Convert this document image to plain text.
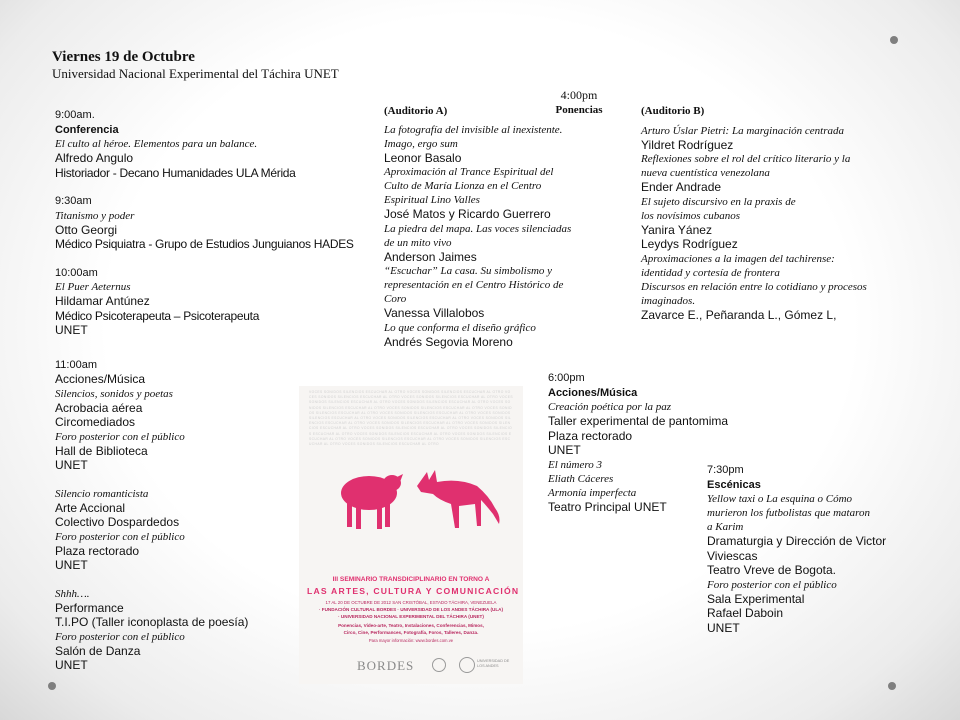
Viernes 19 de Octubre
Universidad Nacional Experimental del Táchira UNET
9:00am.
Conferencia
El culto al héroe. Elementos para un balance.
Alfredo Angulo
Historiador - Decano Humanidades ULA Mérida
9:30am
Titanismo y poder
Otto Georgi
Médico Psiquiatra - Grupo de Estudios Junguianos HADES
10:00am
El Puer Aeternus
Hildamar Antúnez
Médico Psicoterapeuta – Psicoterapeuta
UNET
11:00am
Acciones/Música
Silencios, sonidos y poetas
Acrobacia aérea
Circomediados
Foro posterior con el público
Hall de Biblioteca
UNET
Silencio romanticista
Arte Accional
Colectivo Dospardedos
Foro posterior con el público
Plaza rectorado
UNET
Shhh….
Performance
T.I.PO (Taller iconoplasta de poesía)
Foro posterior con el público
Salón de Danza
UNET
4:00pm
Ponencias
(Auditorio A)
La fotografía del invisible al inexistente.
Imago, ergo sum
Leonor Basalo
Aproximación al Trance Espiritual del
Culto de María Lionza en el Centro
Espiritual Lino Valles
José Matos y Ricardo Guerrero
La piedra del mapa. Las voces silenciadas
de un mito vivo
Anderson Jaimes
“Escuchar” La casa. Su simbolismo y
representación en el Centro Histórico de
Coro
Vanessa Villalobos
Lo que conforma el diseño gráfico
Andrés Segovia Moreno
(Auditorio B)
Arturo Úslar Pietri: La marginación centrada
Yildret Rodríguez
Reflexiones sobre el rol del crítico literario y la
nueva cuentística venezolana
Ender Andrade
El sujeto discursivo en la praxis de
los novísimos cubanos
Yanira Yánez
Leydys Rodríguez
Aproximaciones a la imagen del tachirense:
identidad y cortesía de frontera
Discursos en relación entre lo cotidiano y procesos
imaginados.
Zavarce E., Peñaranda L., Gómez L,
6:00pm
Acciones/Música
Creación poética por la paz
Taller experimental de pantomima
Plaza rectorado
UNET
El número 3
Eliath Cáceres
Armonía imperfecta
Teatro Principal UNET
7:30pm
Escénicas
Yellow taxi o La esquina o Cómo
murieron los futbolistas que mataron
a Karim
Dramaturgia y Dirección de Victor
Viviescas
Teatro Vreve de Bogota.
Foro posterior con el público
Sala Experimental
Rafael Daboin
UNET
VOCES SONIDOS SILENCIOS ESCUCHAR AL OTRO VOCES SONIDOS SILENCIOS ESCUCHAR AL OTRO VOCES SONIDOS SILENCIOS ESCUCHAR AL OTRO VOCES SONIDOS SILENCIOS ESCUCHAR AL OTRO VOCES SONIDOS SILENCIOS ESCUCHAR AL OTRO VOCES SONIDOS SILENCIOS ESCUCHAR AL OTRO VOCES SONIDOS SILENCIOS ESCUCHAR AL OTRO VOCES SONIDOS SILENCIOS ESCUCHAR AL OTRO VOCES SONIDOS SILENCIOS ESCUCHAR AL OTRO VOCES SONIDOS SILENCIOS ESCUCHAR AL OTRO VOCES SONIDOS SILENCIOS ESCUCHAR AL OTRO VOCES SONIDOS SILENCIOS ESCUCHAR AL OTRO VOCES SONIDOS SILENCIOS ESCUCHAR AL OTRO VOCES SONIDOS SILENCIOS ESCUCHAR AL OTRO VOCES SONIDOS SILENCIOS ESCUCHAR AL OTRO VOCES SONIDOS SILENCIOS ESCUCHAR AL OTRO VOCES SONIDOS SILENCIOS ESCUCHAR AL OTRO VOCES SONIDOS SILENCIOS ESCUCHAR AL OTRO VOCES SONIDOS SILENCIOS ESCUCHAR AL OTRO VOCES SONIDOS SILENCIOS ESCUCHAR AL OTRO VOCES SONIDOS SILENCIOS ESCUCHAR AL OTRO VOCES SONIDOS SILENCIOS ESCUCHAR AL OTRO
III SEMINARIO TRANSDICIPLINARIO EN TORNO A
LAS ARTES, CULTURA Y COMUNICACIÓN
17 AL 20 DE OCTUBRE DE 2012 SAN CRISTÓBAL, ESTADO TÁCHIRA, VENEZUELA
· FUNDACIÓN CULTURAL BORDES · UNIVERSIDAD DE LOS ANDES TÁCHIRA (ULA)
· UNIVERSIDAD NACIONAL EXPERIMENTAL DEL TÁCHIRA (UNET)
Ponencias, Video-arte, Teatro, Instalaciones, Conferencias, Mimos,
Circo, Cine, Performances, Fotografía, Foros, Talleres, Danza.
Para mayor información: www.bordes.com.ve
BORDES	UNIVERSIDAD DE LOS ANDES
